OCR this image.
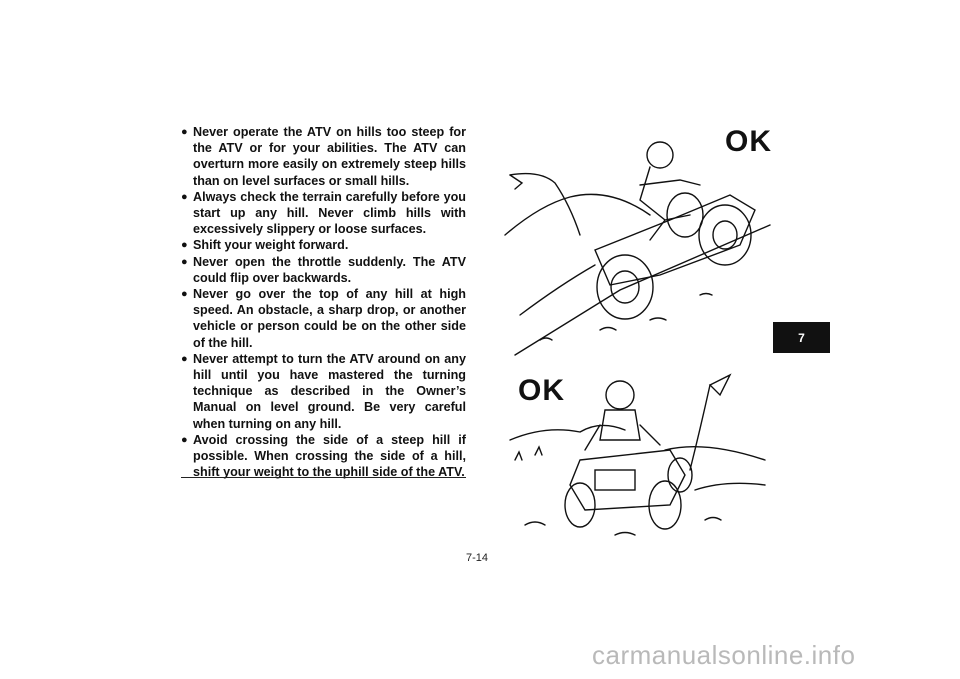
● Never operate the ATV on hills too steep for the ATV or for your abilities. The ATV can overturn more easily on extremely steep hills than on level surfaces or small hills.
● Always check the terrain carefully before you start up any hill. Never climb hills with excessively slippery or loose surfaces.
● Shift your weight forward.
● Never open the throttle suddenly. The ATV could flip over backwards.
● Never go over the top of any hill at high speed. An obstacle, a sharp drop, or another vehicle or person could be on the other side of the hill.
● Never attempt to turn the ATV around on any hill until you have mastered the turning technique as described in the Owner’s Manual on level ground. Be very careful when turning on any hill.
● Avoid crossing the side of a steep hill if possible. When crossing the side of a hill, shift your weight to the uphill side of the ATV.
OK
OK
7
7-14
carmanualsonline.info
